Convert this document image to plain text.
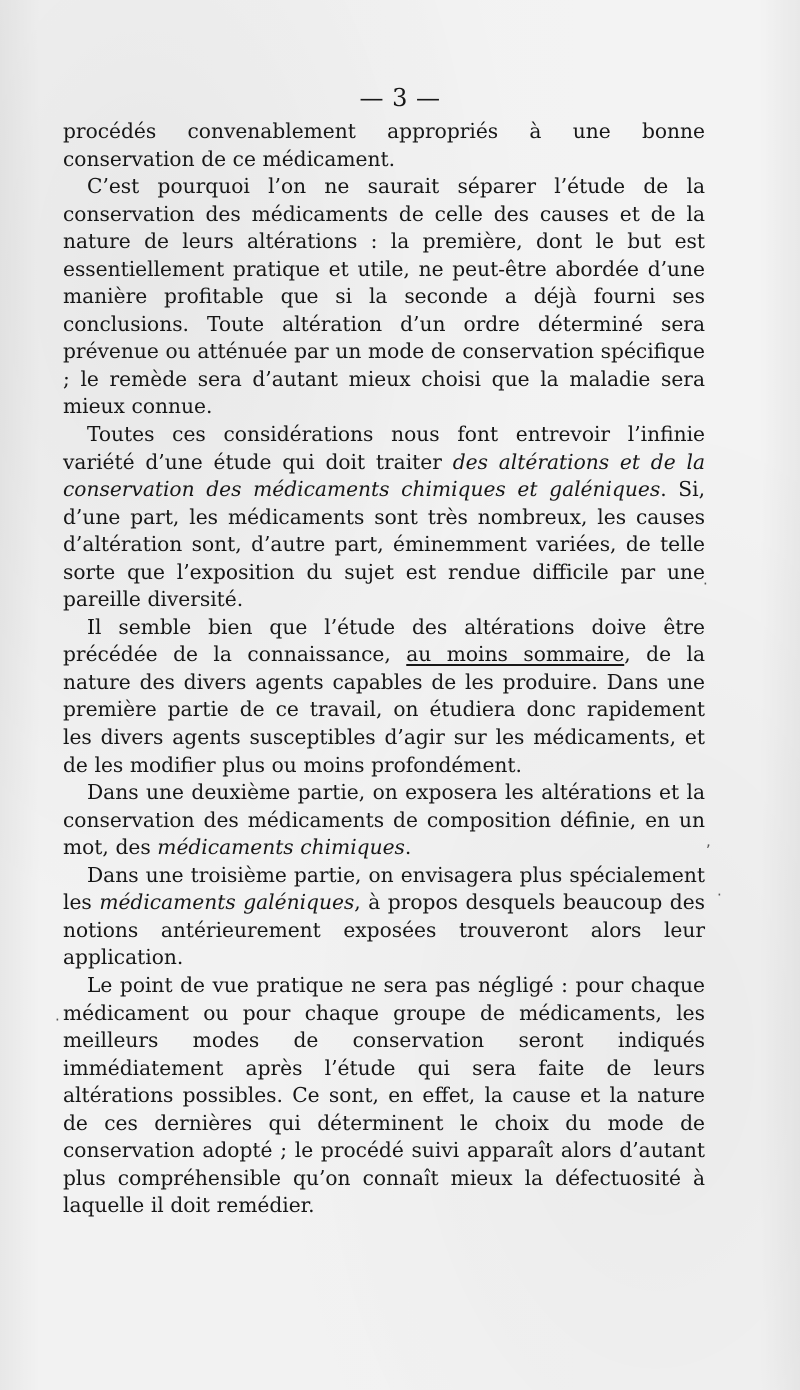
— 3 —

procédés convenablement appropriés à une bonne conservation de ce médicament.

C’est pourquoi l’on ne saurait séparer l’étude de la conservation des médicaments de celle des causes et de la nature de leurs altérations : la première, dont le but est essentiellement pratique et utile, ne peut-être abordée d’une manière profitable que si la seconde a déjà fourni ses conclusions. Toute altération d’un ordre déterminé sera prévenue ou atténuée par un mode de conservation spécifique ; le remède sera d’autant mieux choisi que la maladie sera mieux connue.

Toutes ces considérations nous font entrevoir l’infinie variété d’une étude qui doit traiter des altérations et de la conservation des médicaments chimiques et galéniques. Si, d’une part, les médicaments sont très nombreux, les causes d’altération sont, d’autre part, éminemment variées, de telle sorte que l’exposition du sujet est rendue difficile par une pareille diversité.

Il semble bien que l’étude des altérations doive être précédée de la connaissance, au moins sommaire, de la nature des divers agents capables de les produire. Dans une première partie de ce travail, on étudiera donc rapidement les divers agents susceptibles d’agir sur les médicaments, et de les modifier plus ou moins profondément.

Dans une deuxième partie, on exposera les altérations et la conservation des médicaments de composition définie, en un mot, des médicaments chimiques.

Dans une troisième partie, on envisagera plus spécialement les médicaments galéniques, à propos desquels beaucoup des notions antérieurement exposées trouveront alors leur application.

Le point de vue pratique ne sera pas négligé : pour chaque médicament ou pour chaque groupe de médicaments, les meilleurs modes de conservation seront indiqués immédiatement après l’étude qui sera faite de leurs altérations possibles. Ce sont, en effet, la cause et la nature de ces dernières qui déterminent le choix du mode de conservation adopté ; le procédé suivi apparaît alors d’autant plus compréhensible qu’on connaît mieux la défectuosité à laquelle il doit remédier.

·
,
·
·
